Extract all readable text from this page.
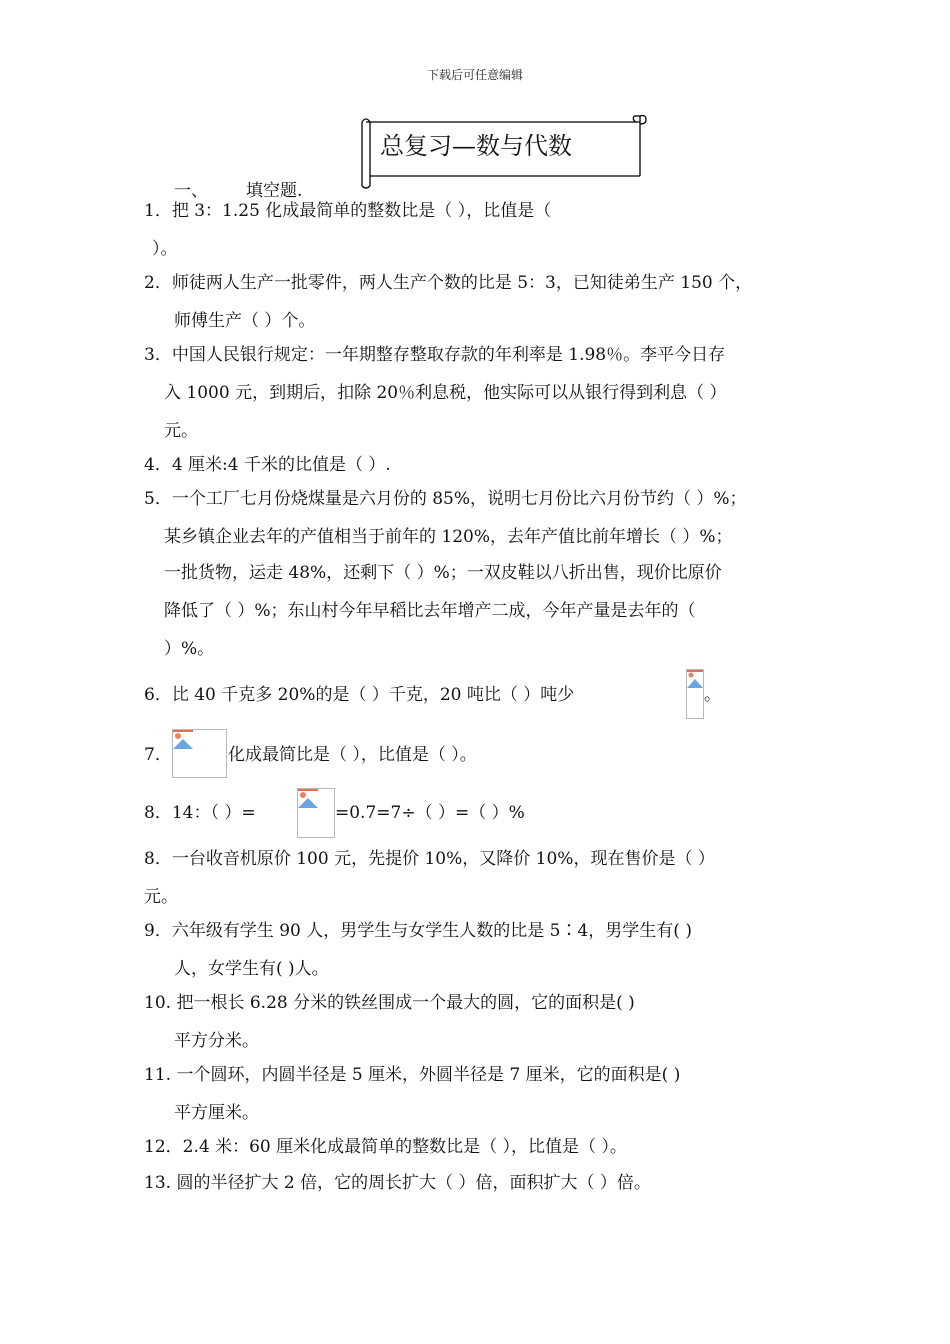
下载后可任意编辑
总复习—数与代数
一、 填空题.
1．把 3：1.25 化成最简单的整数比是（ ），比值是（
）。
2．师徒两人生产一批零件，两人生产个数的比是 5：3，已知徒弟生产 150 个，
师傅生产（ ）个。
3．中国人民银行规定：一年期整存整取存款的年利率是 1.98％。李平今日存
入 1000 元，到期后，扣除 20％利息税，他实际可以从银行得到利息（ ）
元。
4．4 厘米:4 千米的比值是（ ）.
5．一个工厂七月份烧煤量是六月份的 85%，说明七月份比六月份节约（ ）%；
某乡镇企业去年的产值相当于前年的 120%，去年产值比前年增长（ ）%；
一批货物，运走 48%，还剩下（ ）%；一双皮鞋以八折出售，现价比原价
降低了（ ）%；东山村今年早稻比去年增产二成，今年产量是去年的（
）%。
6．比 40 千克多 20%的是（ ）千克，20 吨比（ ）吨少	。
7．	化成最简比是（ ），比值是（ ）。
8．14：（ ）=	=0.7=7÷（ ）=（ ）%
8．一台收音机原价 100 元，先提价 10%，又降价 10%，现在售价是（ ）
元。
9．六年级有学生 90 人，男学生与女学生人数的比是 5∶4，男学生有( )
人，女学生有( )人。
10. 把一根长 6.28 分米的铁丝围成一个最大的圆，它的面积是( )
平方分米。
11. 一个圆环，内圆半径是 5 厘米，外圆半径是 7 厘米，它的面积是( )
平方厘米。
12．2.4 米：60 厘米化成最简单的整数比是（ ），比值是（ ）。
13. 圆的半径扩大 2 倍，它的周长扩大（ ）倍，面积扩大（ ）倍。
